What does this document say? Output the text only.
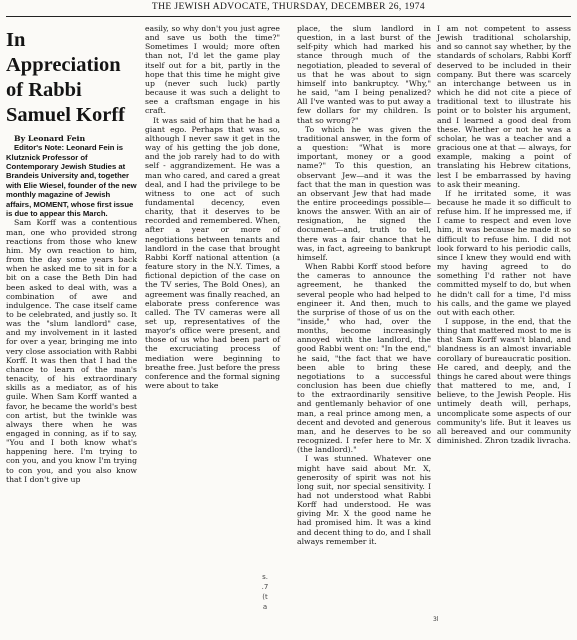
THE JEWISH ADVOCATE, THURSDAY, DECEMBER 26, 1974
In Appreciation of Rabbi Samuel Korff

By Leonard Fein

Editor's Note: Leonard Fein is Klutznick Professor of Contemporary Jewish Studies at Brandeis University and, together with Elie Wiesel, founder of the new monthly magazine of Jewish affairs, MOMENT, whose first issue is due to appear this March.

Sam Korff was a contentious man, one who provided strong reactions from those who knew him. My own reaction to him, from the day some years back when he asked me to sit in for a bit on a case the Beth Din had been asked to deal with, was a combination of awe and indulgence. The case itself came to be celebrated, and justly so. It was the "slum landlord" case, and my involvement in it lasted for over a year, bringing me into very close association with Rabbi Korff. It was then that I had the chance to learn of the man's tenacity, of his extraordinary skills as a mediator, as of his guile. When Sam Korff wanted a favor, he became the world's best con artist, but the twinkle was always there when he was engaged in conning, as if to say, "You and I both know what's happening here. I'm trying to con you, and you know I'm trying to con you, and you also know that I don't give up

easily, so why don't you just agree and save us both the time?" Sometimes I would; more often than not, I'd let the game play itself out for a bit, partly in the hope that this time he might give up (never such luck) partly because it was such a delight to see a craftsman engage in his craft.

It was said of him that he had a giant ego. Perhaps that was so, although I never saw it get in the way of his getting the job done, and the job rarely had to do with self - aggrandizement. He was a man who cared, and cared a great deal, and I had the privilege to be witness to one act of such fundamental decency, even charity, that it deserves to be recorded and remembered. When, after a year or more of negotiations between tenants and landlord in the case that brought Rabbi Korff national attention (a feature story in the N.Y. Times, a fictional depiction of the case on the TV series, The Bold Ones), an agreement was finally reached, an elaborate press conference was called. The TV cameras were all set up, representatives of the mayor's office were present, and those of us who had been part of the excruciating process of mediation were beginning to breathe free. Just before the press conference and the formal signing were about to take

place, the slum landlord in question, in a last burst of the self-pity which had marked his stance through much of the negotiation, pleaded to several of us that he was about to sign himself into bankruptcy. "Why," he said, "am I being penalized? All I've wanted was to put away a few dollars for my children. Is that so wrong?"

To which he was given the traditional answer, in the form of a question: "What is more important, money or a good name?" To this question, an observant Jew—and it was the fact that the man in question was an observant Jew that had made the entire proceedings possible—knows the answer. With an air of resignation, he signed the document—and, truth to tell, there was a fair chance that he was, in fact, agreeing to bankrupt himself.

When Rabbi Korff stood before the cameras to announce the agreement, he thanked the several people who had helped to engineer it. And then, much to the surprise of those of us on the "inside," who had, over the months, become increasingly annoyed with the landlord, the good Rabbi went on: "In the end," he said, "the fact that we have been able to bring these negotiations to a successful conclusion has been due chiefly to the extraordinarily sensitive and gentlemanly behavior of one man, a real prince among men, a decent and devoted and generous man, and he deserves to be so recognized. I refer here to Mr. X (the landlord)."

I was stunned. Whatever one might have said about Mr. X, generosity of spirit was not his long suit, nor special sensitivity. I had not understood what Rabbi Korff had understood. He was giving Mr. X the good name he had promised him. It was a kind and decent thing to do, and I shall always remember it.

I am not competent to assess Jewish traditional scholarship, and so cannot say whether, by the standards of scholars, Rabbi Korff deserved to be included in their company. But there was scarcely an interchange between us in which he did not cite a piece of traditional text to illustrate his point or to bolster his argument, and I learned a good deal from these. Whether or not he was a scholar, he was a teacher and a gracious one at that — always, for example, making a point of translating his Hebrew citations, lest I be embarrassed by having to ask their meaning.

If he irritated some, it was because he made it so difficult to refuse him. If he impressed me, if I came to respect and even love him, it was because he made it so difficult to refuse him. I did not look forward to his periodic calls, since I knew they would end with my having agreed to do something I'd rather not have committed myself to do, but when he didn't call for a time, I'd miss his calls, and the game we played out with each other.

I suppose, in the end, that the thing that mattered most to me is that Sam Korff wasn't bland, and blandness is an almost invariable corollary of bureaucratic position. He cared, and deeply, and the things he cared about were things that mattered to me, and, I believe, to the Jewish People. His untimely death will, perhaps, uncomplicate some aspects of our community's life. But it leaves us all bereaved and our community diminished. Zhron tzadik livracha.

s.
.7
(t
a
3l
